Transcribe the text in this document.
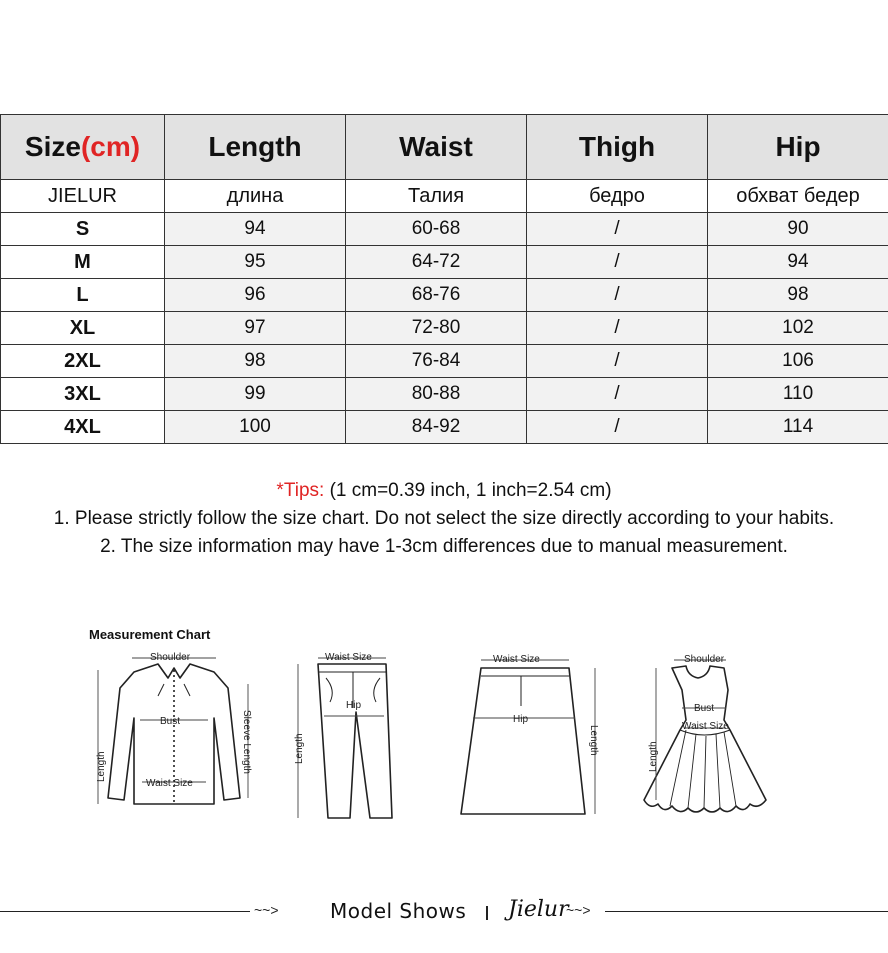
Size(cm)	Length	Waist	Thigh	Hip
JIELUR	длина	Талия	бедро	обхват бедер
S	94	60-68	/	90
M	95	64-72	/	94
L	96	68-76	/	98
XL	97	72-80	/	102
2XL	98	76-84	/	106
3XL	99	80-88	/	110
4XL	100	84-92	/	114
*Tips: (1 cm=0.39 inch, 1 inch=2.54 cm)
1. Please strictly follow the size chart. Do not select the size directly according to your habits.
2. The size information may have 1-3cm differences due to manual measurement.
Measurement Chart
Shoulder
Bust
Waist Size
Length	Sleeve Length
Waist Size
Hip
Length
Waist Size
Hip
Length
Shoulder
Bust
Waist Size
Length
~~>	Model Shows Jielur
~~>
